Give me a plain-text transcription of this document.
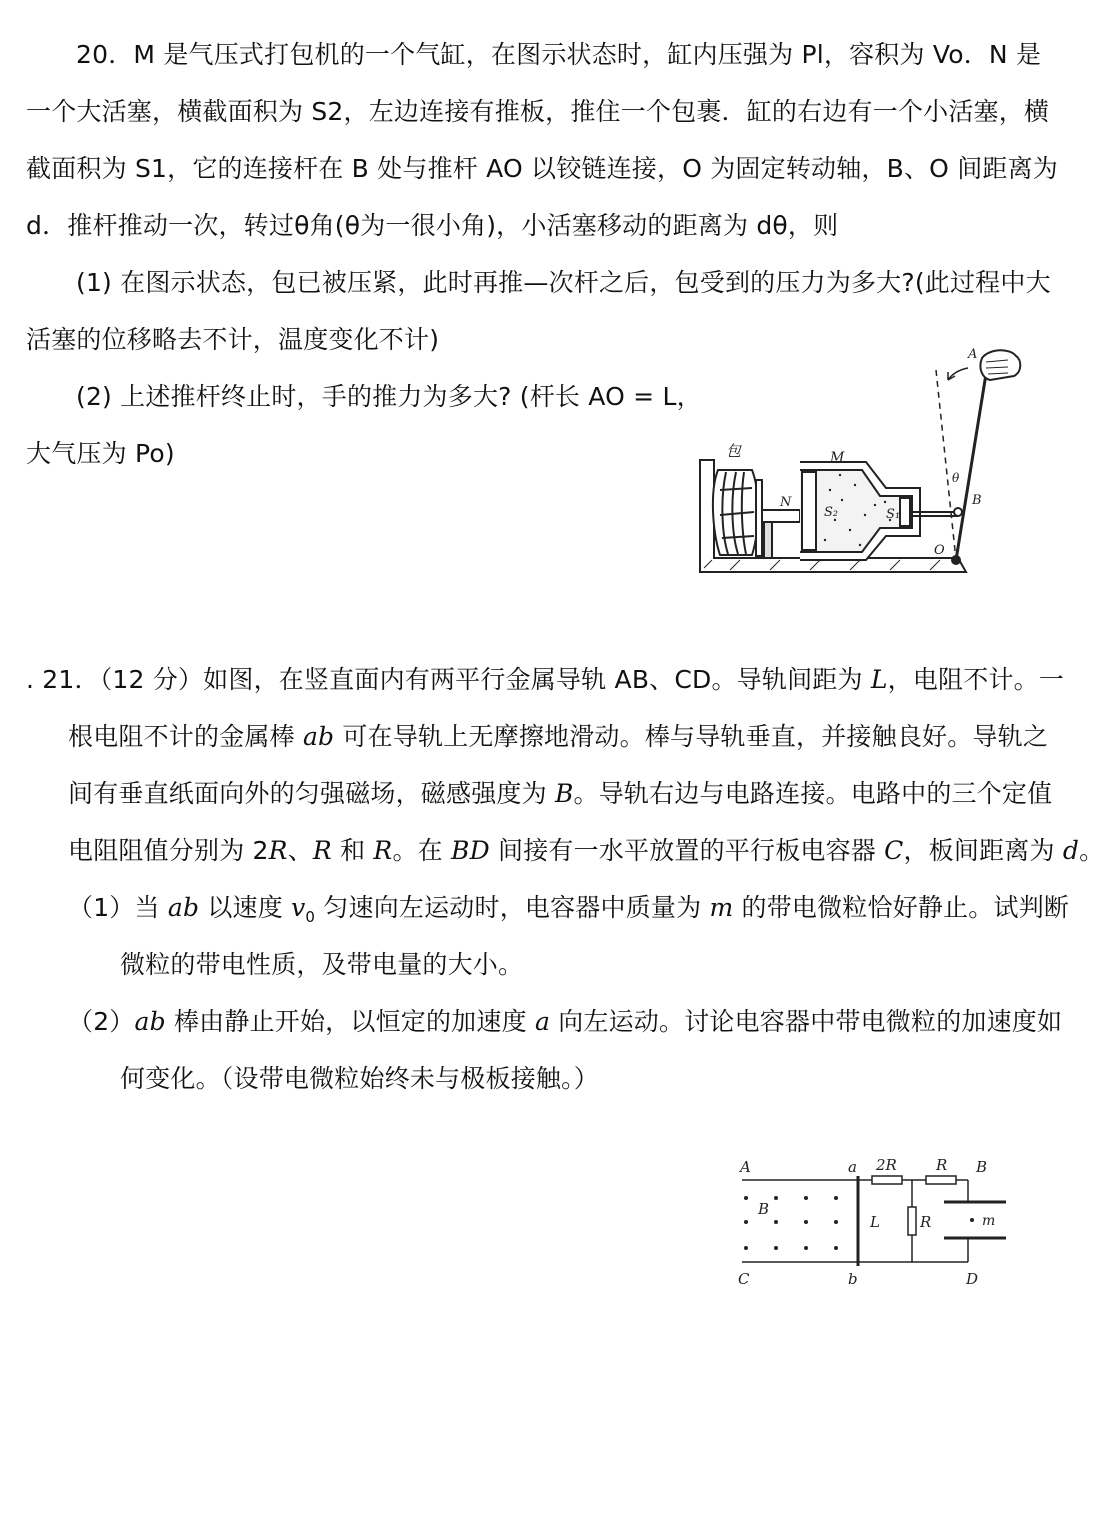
20．M 是气压式打包机的一个气缸，在图示状态时，缸内压强为 Pl，容积为 Vo．N 是
一个大活塞，横截面积为 S2，左边连接有推板，推住一个包裹．缸的右边有一个小活塞，横
截面积为 S1，它的连接杆在 B 处与推杆 AO 以铰链连接，O 为固定转动轴，B、O 间距离为
d．推杆推动一次，转过θ角(θ为一很小角)，小活塞移动的距离为 dθ，则
(1) 在图示状态，包已被压紧，此时再推—次杆之后，包受到的压力为多大?(此过程中大
活塞的位移略去不计，温度变化不计)
(2) 上述推杆终止时，手的推力为多大? (杆长 AO = L，
大气压为 Po)	包	M
N
S₂	S₁
A
B
O
θ
. 21．（12 分）如图，在竖直面内有两平行金属导轨 AB、CD。导轨间距为 L，电阻不计。一
根电阻不计的金属棒 ab 可在导轨上无摩擦地滑动。棒与导轨垂直，并接触良好。导轨之
间有垂直纸面向外的匀强磁场，磁感强度为 B。导轨右边与电路连接。电路中的三个定值
电阻阻值分别为 2R、R 和 R。在 BD 间接有一水平放置的平行板电容器 C，板间距离为 d。
（1）当 ab 以速度 $v_0$ 匀速向左运动时，电容器中质量为 m 的带电微粒恰好静止。试判断
微粒的带电性质，及带电量的大小。
（2）ab 棒由静止开始，以恒定的加速度 a 向左运动。讨论电容器中带电微粒的加速度如
何变化。（设带电微粒始终未与极板接触。）
A	a 2R	R B
B
L	R	m
C	b	D
